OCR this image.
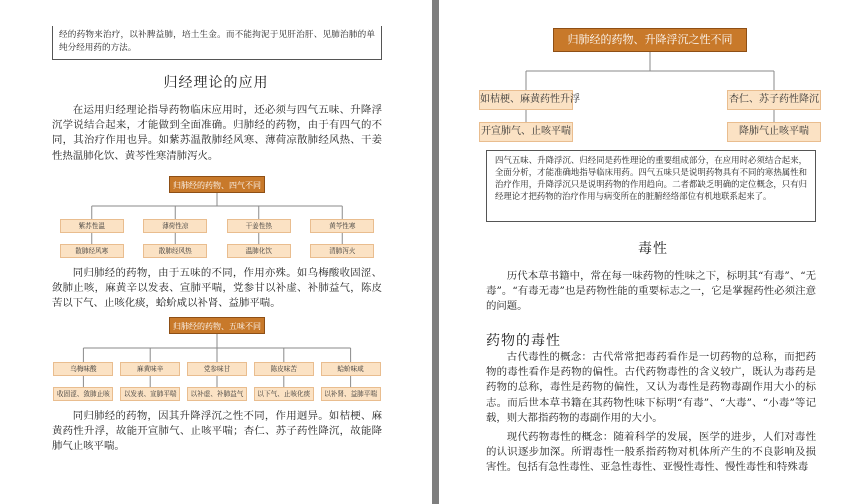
经的药物来治疗，以补脾益肺，培土生金。而不能拘泥于见肝治肝、见肺治肺的单纯分经用药的方法。
归经理论的应用
在运用归经理论指导药物临床应用时，还必须与四气五味、升降浮沉学说结合起来，才能做到全面准确。归肺经的药物，由于有四气的不同，其治疗作用也异。如紫苏温散肺经风寒、薄荷凉散肺经风热、干姜性热温肺化饮、黄芩性寒清肺泻火。
归肺经的药物、四气不同
紫苏性温
散肺经风寒
薄荷性凉
散肺经风热
干姜性热
温肺化饮
黄芩性寒
清肺泻火
同归肺经的药物，由于五味的不同，作用亦殊。如乌梅酸收固涩、敛肺止咳，麻黄辛以发表、宣肺平喘，党参甘以补虚、补肺益气，陈皮苦以下气、止咳化痰，蛤蚧咸以补肾、益肺平喘。
归肺经的药物、五味不同
乌梅味酸
收固涩、敛肺止咳
麻黄味辛
以发表、宣肺平喘
党参味甘
以补虚、补肺益气
陈皮味苦
以下气、止咳化痰
蛤蚧味咸
以补肾、益肺平喘
同归肺经的药物，因其升降浮沉之性不同，作用迥异。如桔梗、麻黄药性升浮，故能开宣肺气、止咳平喘；杏仁、苏子药性降沉，故能降肺气止咳平喘。
归肺经的药物、升降浮沉之性不同
如桔梗、麻黄药性升浮
开宣肺气、止咳平喘
杏仁、苏子药性降沉
降肺气止咳平喘
四气五味、升降浮沉、归经同是药性理论的重要组成部分，在应用时必须结合起来，全面分析，才能准确地指导临床用药。四气五味只是说明药物具有不同的寒热属性和治疗作用，升降浮沉只是说明药物的作用趋向。二者都缺乏明确的定位概念，只有归经理论才把药物的治疗作用与病变所在的脏腑经络部位有机地联系起来了。
毒性
历代本草书籍中，常在每一味药物的性味之下，标明其“有毒”、“无毒”。“有毒无毒”也是药物性能的重要标志之一，它是掌握药性必须注意的问题。
药物的毒性
古代毒性的概念：古代常常把毒药看作是一切药物的总称，而把药物的毒性看作是药物的偏性。古代药物毒性的含义较广，既认为毒药是药物的总称，毒性是药物的偏性，又认为毒性是药物毒副作用大小的标志。而后世本草书籍在其药物性味下标明“有毒”、“大毒”、“小毒”等记载，则大都指药物的毒副作用的大小。
现代药物毒性的概念：随着科学的发展，医学的进步，人们对毒性的认识逐步加深。所谓毒性一般系指药物对机体所产生的不良影响及损害性。包括有急性毒性、亚急性毒性、亚慢性毒性、慢性毒性和特殊毒
